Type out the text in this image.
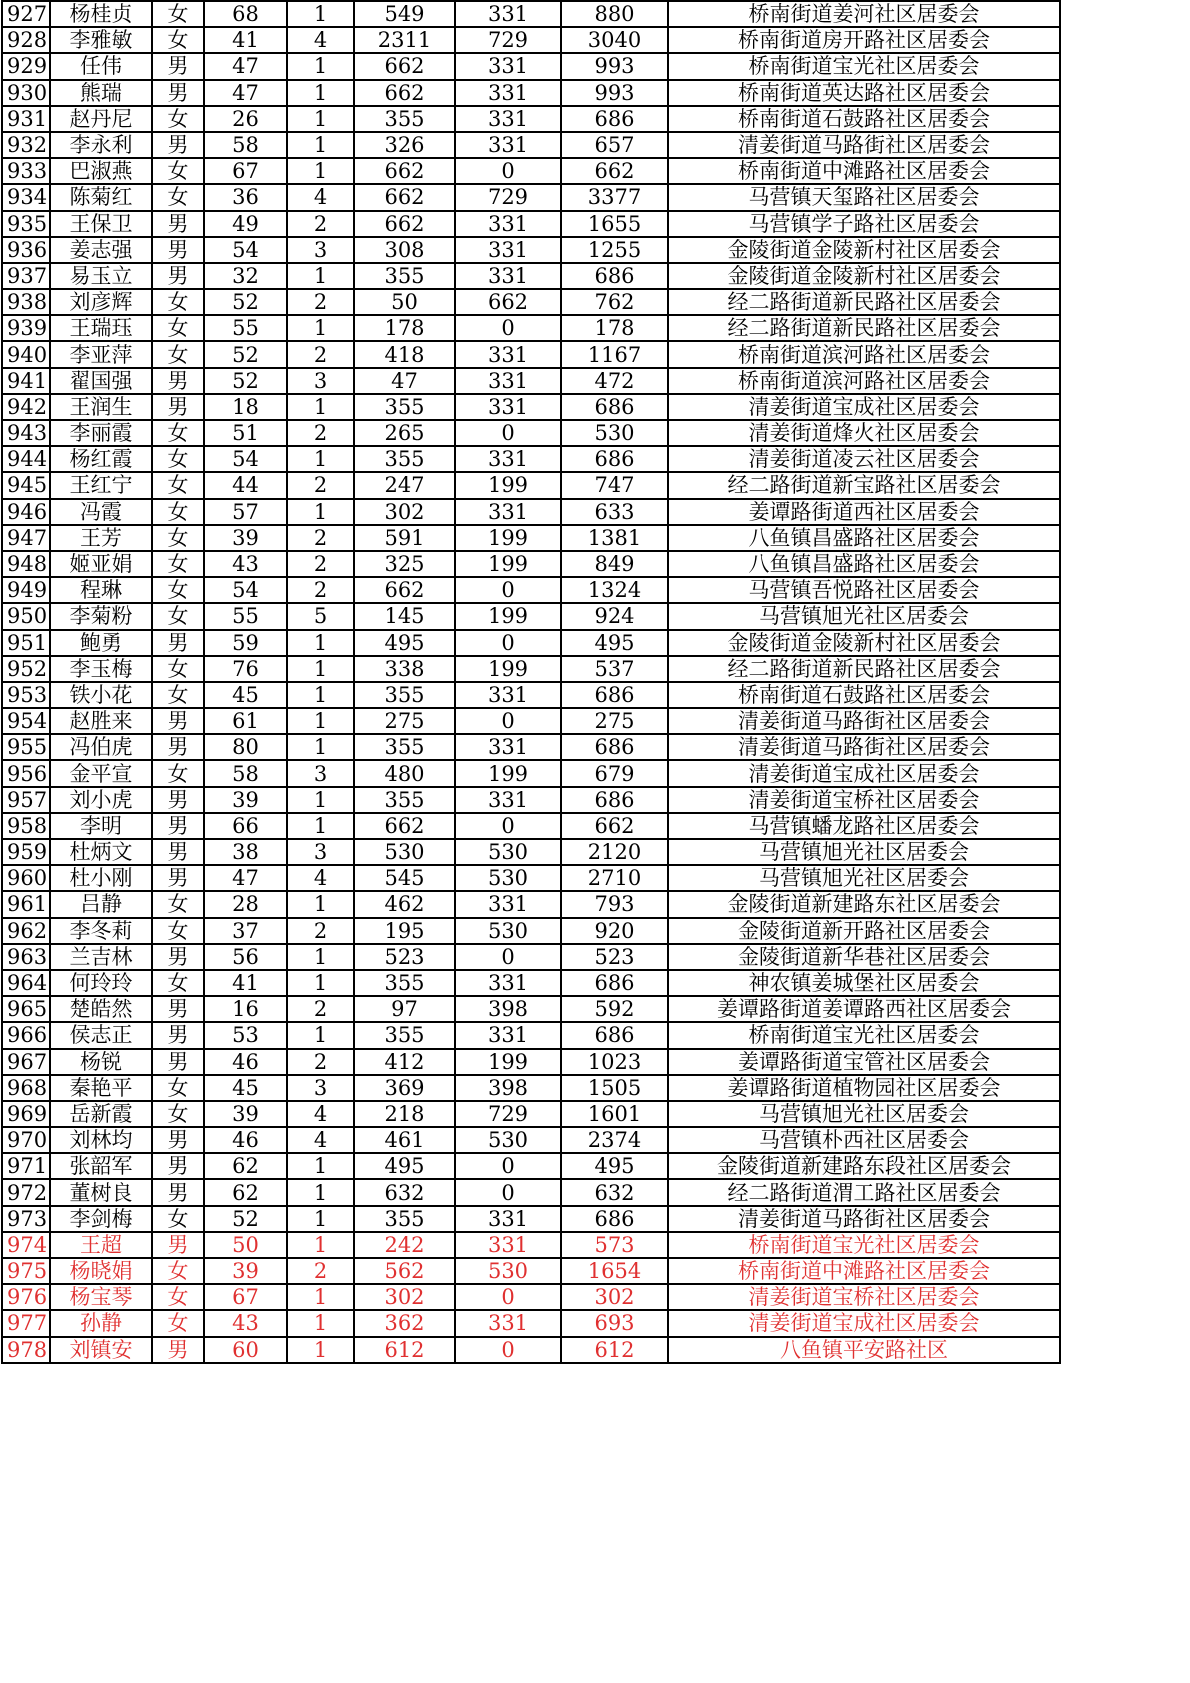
927	杨桂贞	女	68	1	549	331	880	桥南街道姜河社区居委会
928	李雅敏	女	41	4	2311	729	3040	桥南街道房开路社区居委会
929	任伟	男	47	1	662	331	993	桥南街道宝光社区居委会
930	熊瑞	男	47	1	662	331	993	桥南街道英达路社区居委会
931	赵丹尼	女	26	1	355	331	686	桥南街道石鼓路社区居委会
932	李永利	男	58	1	326	331	657	清姜街道马路街社区居委会
933	巴淑燕	女	67	1	662	0	662	桥南街道中滩路社区居委会
934	陈菊红	女	36	4	662	729	3377	马营镇天玺路社区居委会
935	王保卫	男	49	2	662	331	1655	马营镇学子路社区居委会
936	姜志强	男	54	3	308	331	1255	金陵街道金陵新村社区居委会
937	易玉立	男	32	1	355	331	686	金陵街道金陵新村社区居委会
938	刘彦辉	女	52	2	50	662	762	经二路街道新民路社区居委会
939	王瑞珏	女	55	1	178	0	178	经二路街道新民路社区居委会
940	李亚萍	女	52	2	418	331	1167	桥南街道滨河路社区居委会
941	翟国强	男	52	3	47	331	472	桥南街道滨河路社区居委会
942	王润生	男	18	1	355	331	686	清姜街道宝成社区居委会
943	李丽霞	女	51	2	265	0	530	清姜街道烽火社区居委会
944	杨红霞	女	54	1	355	331	686	清姜街道凌云社区居委会
945	王红宁	女	44	2	247	199	747	经二路街道新宝路社区居委会
946	冯霞	女	57	1	302	331	633	姜谭路街道西社区居委会
947	王芳	女	39	2	591	199	1381	八鱼镇昌盛路社区居委会
948	姬亚娟	女	43	2	325	199	849	八鱼镇昌盛路社区居委会
949	程琳	女	54	2	662	0	1324	马营镇吾悦路社区居委会
950	李菊粉	女	55	5	145	199	924	马营镇旭光社区居委会
951	鲍勇	男	59	1	495	0	495	金陵街道金陵新村社区居委会
952	李玉梅	女	76	1	338	199	537	经二路街道新民路社区居委会
953	铁小花	女	45	1	355	331	686	桥南街道石鼓路社区居委会
954	赵胜来	男	61	1	275	0	275	清姜街道马路街社区居委会
955	冯伯虎	男	80	1	355	331	686	清姜街道马路街社区居委会
956	金平宣	女	58	3	480	199	679	清姜街道宝成社区居委会
957	刘小虎	男	39	1	355	331	686	清姜街道宝桥社区居委会
958	李明	男	66	1	662	0	662	马营镇蟠龙路社区居委会
959	杜炳文	男	38	3	530	530	2120	马营镇旭光社区居委会
960	杜小刚	男	47	4	545	530	2710	马营镇旭光社区居委会
961	吕静	女	28	1	462	331	793	金陵街道新建路东社区居委会
962	李冬莉	女	37	2	195	530	920	金陵街道新开路社区居委会
963	兰吉林	男	56	1	523	0	523	金陵街道新华巷社区居委会
964	何玲玲	女	41	1	355	331	686	神农镇姜城堡社区居委会
965	楚皓然	男	16	2	97	398	592	姜谭路街道姜谭路西社区居委会
966	侯志正	男	53	1	355	331	686	桥南街道宝光社区居委会
967	杨锐	男	46	2	412	199	1023	姜谭路街道宝管社区居委会
968	秦艳平	女	45	3	369	398	1505	姜谭路街道植物园社区居委会
969	岳新霞	女	39	4	218	729	1601	马营镇旭光社区居委会
970	刘林均	男	46	4	461	530	2374	马营镇朴西社区居委会
971	张韶军	男	62	1	495	0	495	金陵街道新建路东段社区居委会
972	董树良	男	62	1	632	0	632	经二路街道渭工路社区居委会
973	李剑梅	女	52	1	355	331	686	清姜街道马路街社区居委会
974	王超	男	50	1	242	331	573	桥南街道宝光社区居委会
975	杨晓娟	女	39	2	562	530	1654	桥南街道中滩路社区居委会
976	杨宝琴	女	67	1	302	0	302	清姜街道宝桥社区居委会
977	孙静	女	43	1	362	331	693	清姜街道宝成社区居委会
978	刘镇安	男	60	1	612	0	612	八鱼镇平安路社区
